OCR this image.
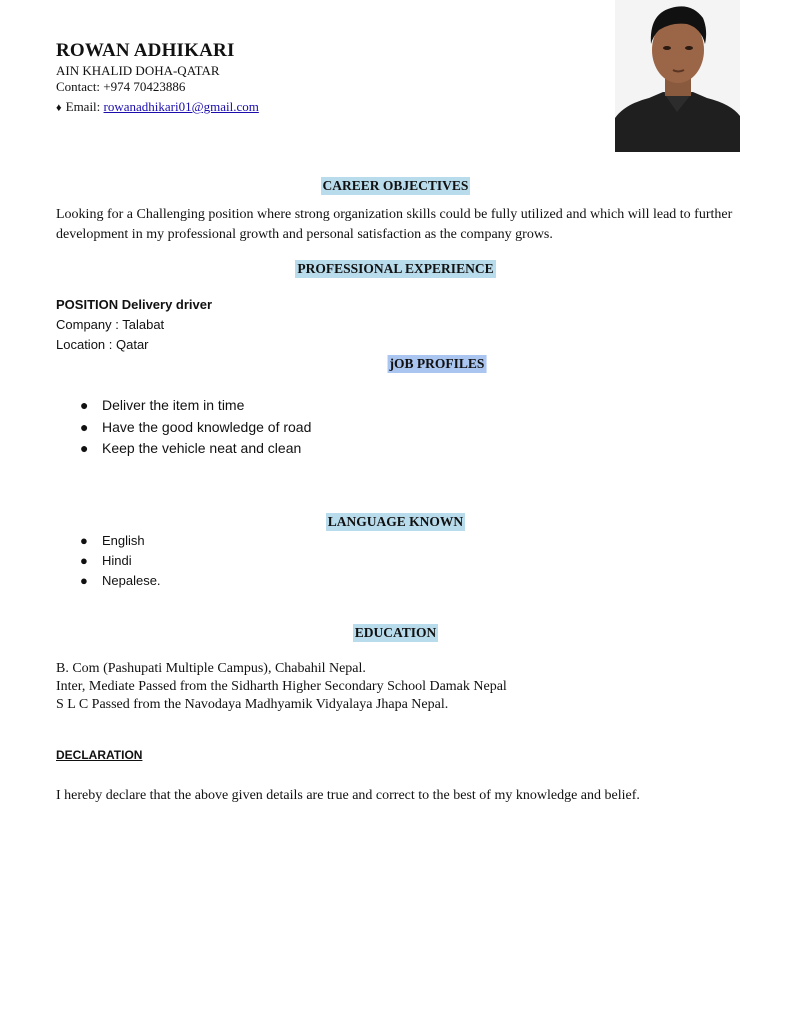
ROWAN ADHIKARI
AIN KHALID DOHA-QATAR
Contact: +974 70423886
♦ Email: rowanadhikari01@gmail.com
CAREER OBJECTIVES
Looking for a Challenging position where strong organization skills could be fully utilized and which will lead to further development in my professional growth and personal satisfaction as the company grows.
PROFESSIONAL EXPERIENCE
POSITION Delivery driver
Company : Talabat
Location : Qatar
jOB PROFILES
● Deliver the item in time
● Have the good knowledge of road
● Keep the vehicle neat and clean
LANGUAGE KNOWN
● English
● Hindi
● Nepalese.
EDUCATION
B. Com (Pashupati Multiple Campus), Chabahil Nepal.
Inter, Mediate Passed from the Sidharth Higher Secondary School Damak Nepal
S L C Passed from the Navodaya Madhyamik Vidyalaya Jhapa Nepal.
DECLARATION
I hereby declare that the above given details are true and correct to the best of my knowledge and belief.
